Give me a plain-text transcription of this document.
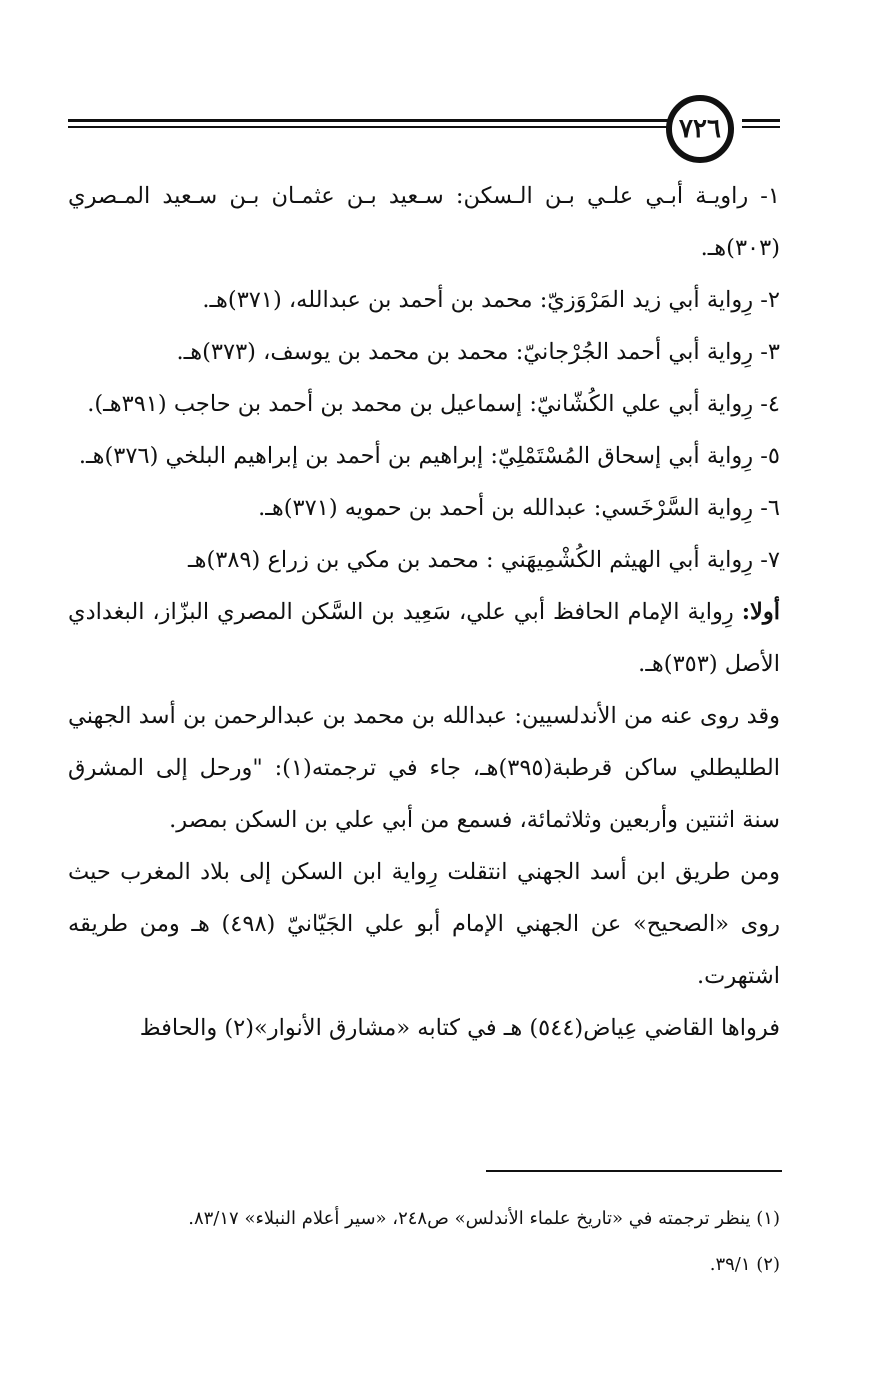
٧٢٦

١- راويـة أبـي علـي بـن الـسكن: سـعيد بـن عثمـان بـن سـعيد المـصري (٣٠٣)هـ.

٢- رِواية أبي زيد المَرْوَزيّ: محمد بن أحمد بن عبدالله، (٣٧١)هـ.

٣- رِواية أبي أحمد الجُرْجانيّ: محمد بن محمد بن يوسف، (٣٧٣)هـ.

٤- رِواية أبي علي الكُشّانيّ: إسماعيل بن محمد بن أحمد بن حاجب (٣٩١هـ).

٥- رِواية أبي إسحاق المُسْتَمْلِيّ: إبراهيم بن أحمد بن إبراهيم البلخي (٣٧٦)هـ.

٦- رِواية السَّرْخَسي: عبدالله بن أحمد بن حمويه (٣٧١)هـ.

٧- رِواية أبي الهيثم الكُشْمِيهَني : محمد بن مكي بن زراع (٣٨٩)هـ

أولا: رِواية الإمام الحافظ أبي علي، سَعِيد بن السَّكن المصري البزّاز، البغدادي الأصل (٣٥٣)هـ.

وقد روى عنه من الأندلسيين: عبدالله بن محمد بن عبدالرحمن بن أسد الجهني الطليطلي ساكن قرطبة(٣٩٥)هـ، جاء في ترجمته(١): "ورحل إلى المشرق سنة اثنتين وأربعين وثلاثمائة، فسمع من أبي علي بن السكن بمصر.

ومن طريق ابن أسد الجهني انتقلت رِواية ابن السكن إلى بلاد المغرب حيث روى «الصحيح» عن الجهني الإمام أبو علي الجَيّانيّ (٤٩٨) هـ ومن طريقه اشتهرت.

فرواها القاضي عِياض(٥٤٤) هـ في كتابه «مشارق الأنوار»(٢) والحافظ

(١) ينظر ترجمته في «تاريخ علماء الأندلس» ص٢٤٨، «سير أعلام النبلاء» ٨٣/١٧.

(٢) ٣٩/١.
